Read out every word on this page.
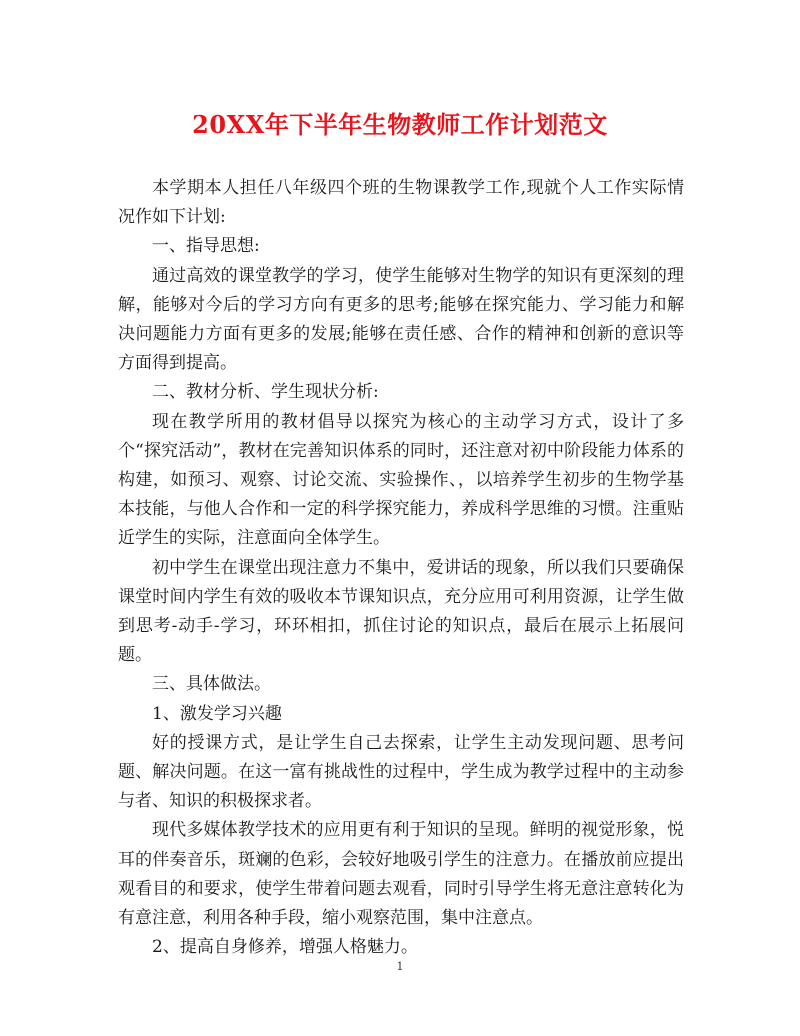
20XX年下半年生物教师工作计划范文

本学期本人担任八年级四个班的生物课教学工作,现就个人工作实际情况作如下计划:

一、指导思想:

通过高效的课堂教学的学习，使学生能够对生物学的知识有更深刻的理解，能够对今后的学习方向有更多的思考;能够在探究能力、学习能力和解决问题能力方面有更多的发展;能够在责任感、合作的精神和创新的意识等方面得到提高。

二、教材分析、学生现状分析:

现在教学所用的教材倡导以探究为核心的主动学习方式，设计了多个“探究活动”，教材在完善知识体系的同时，还注意对初中阶段能力体系的构建，如预习、观察、讨论交流、实验操作、，以培养学生初步的生物学基本技能，与他人合作和一定的科学探究能力，养成科学思维的习惯。注重贴近学生的实际，注意面向全体学生。

初中学生在课堂出现注意力不集中，爱讲话的现象，所以我们只要确保课堂时间内学生有效的吸收本节课知识点，充分应用可利用资源，让学生做到思考-动手-学习，环环相扣，抓住讨论的知识点，最后在展示上拓展问题。

三、具体做法。

1、激发学习兴趣

好的授课方式，是让学生自己去探索，让学生主动发现问题、思考问题、解决问题。在这一富有挑战性的过程中，学生成为教学过程中的主动参与者、知识的积极探求者。

现代多媒体教学技术的应用更有利于知识的呈现。鲜明的视觉形象，悦耳的伴奏音乐，斑斓的色彩，会较好地吸引学生的注意力。在播放前应提出观看目的和要求，使学生带着问题去观看，同时引导学生将无意注意转化为有意注意，利用各种手段，缩小观察范围，集中注意点。

2、提高自身修养，增强人格魅力。

1
